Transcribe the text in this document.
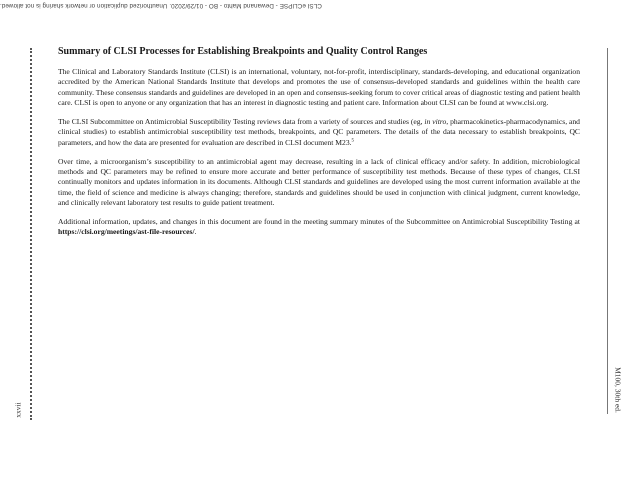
CLSI eCLIPSE - Dewanand Mahto - BO - 01/29/2020. Unauthorized duplication or network sharing is not allowed.
xxvii	M100, 30th ed.
Summary of CLSI Processes for Establishing Breakpoints and Quality Control Ranges

The Clinical and Laboratory Standards Institute (CLSI) is an international, voluntary, not-for-profit, interdisciplinary, standards-developing, and educational organization accredited by the American National Standards Institute that develops and promotes the use of consensus-developed standards and guidelines within the health care community. These consensus standards and guidelines are developed in an open and consensus-seeking forum to cover critical areas of diagnostic testing and patient health care. CLSI is open to anyone or any organization that has an interest in diagnostic testing and patient care. Information about CLSI can be found at www.clsi.org.

The CLSI Subcommittee on Antimicrobial Susceptibility Testing reviews data from a variety of sources and studies (eg, in vitro, pharmacokinetics-pharmacodynamics, and clinical studies) to establish antimicrobial susceptibility test methods, breakpoints, and QC parameters. The details of the data necessary to establish breakpoints, QC parameters, and how the data are presented for evaluation are described in CLSI document M23.$^5$

Over time, a microorganism’s susceptibility to an antimicrobial agent may decrease, resulting in a lack of clinical efficacy and/or safety. In addition, microbiological methods and QC parameters may be refined to ensure more accurate and better performance of susceptibility test methods. Because of these types of changes, CLSI continually monitors and updates information in its documents. Although CLSI standards and guidelines are developed using the most current information available at the time, the field of science and medicine is always changing; therefore, standards and guidelines should be used in conjunction with clinical judgment, current knowledge, and clinically relevant laboratory test results to guide patient treatment.

Additional information, updates, and changes in this document are found in the meeting summary minutes of the Subcommittee on Antimicrobial Susceptibility Testing at https://clsi.org/meetings/ast-file-resources/.
